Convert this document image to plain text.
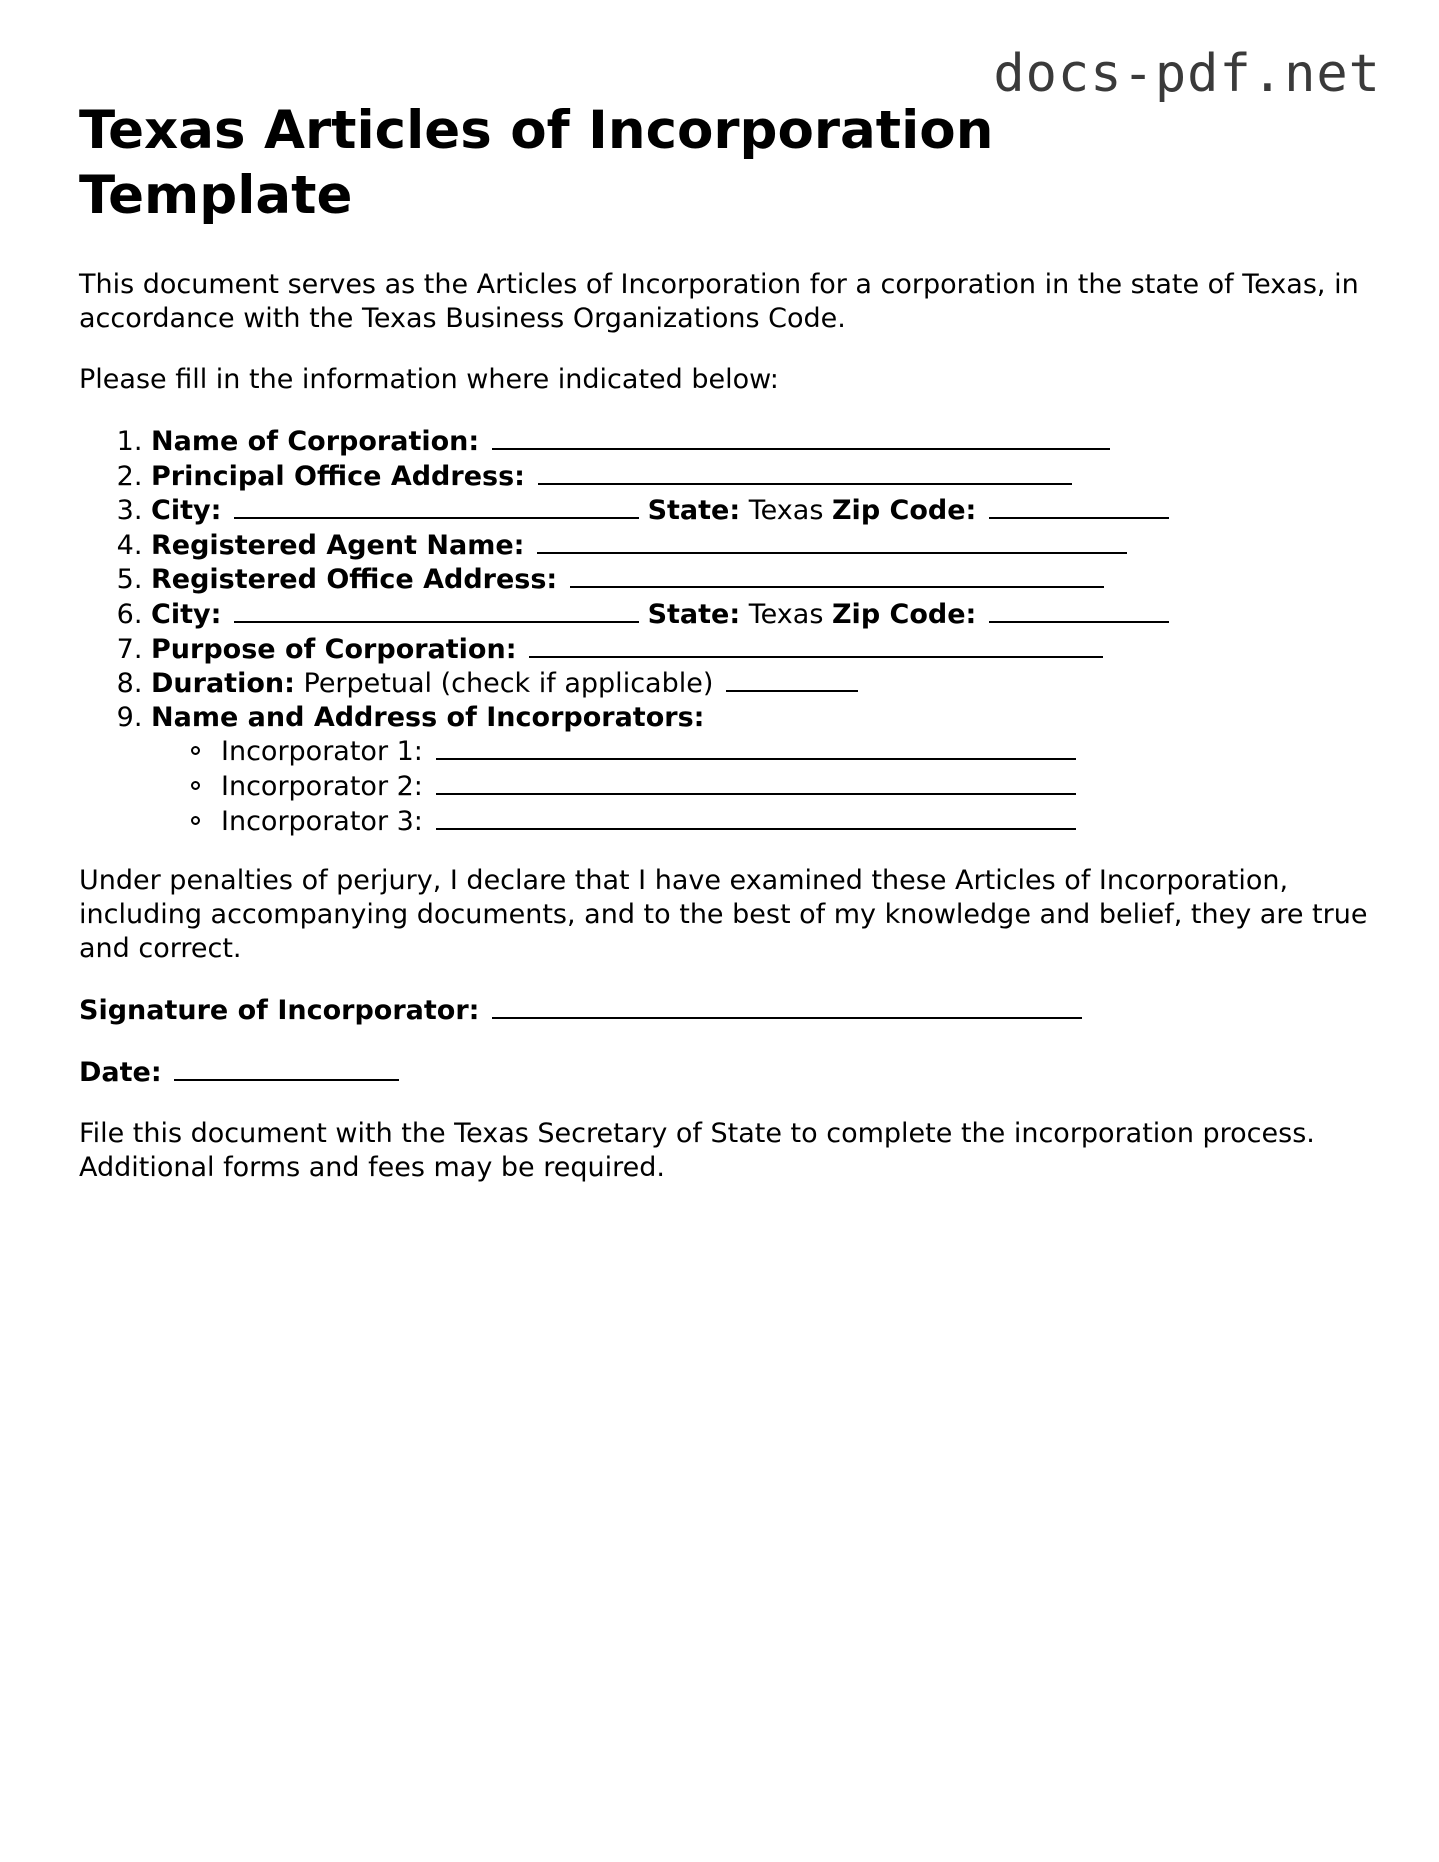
docs-pdf.net
Texas Articles of Incorporation Template

This document serves as the Articles of Incorporation for a corporation in the state of Texas, in accordance with the Texas Business Organizations Code.

Please fill in the information where indicated below:

1. Name of Corporation:
2. Principal Office Address:
3. City:	State: Texas Zip Code:
4. Registered Agent Name:
5. Registered Office Address:
6. City:	State: Texas Zip Code:
7. Purpose of Corporation:
8. Duration: Perpetual (check if applicable)
9. Name and Address of Incorporators:
Incorporator 1:
Incorporator 2:
Incorporator 3:

Under penalties of perjury, I declare that I have examined these Articles of Incorporation, including accompanying documents, and to the best of my knowledge and belief, they are true and correct.

Signature of Incorporator:

Date:

File this document with the Texas Secretary of State to complete the incorporation process. Additional forms and fees may be required.
